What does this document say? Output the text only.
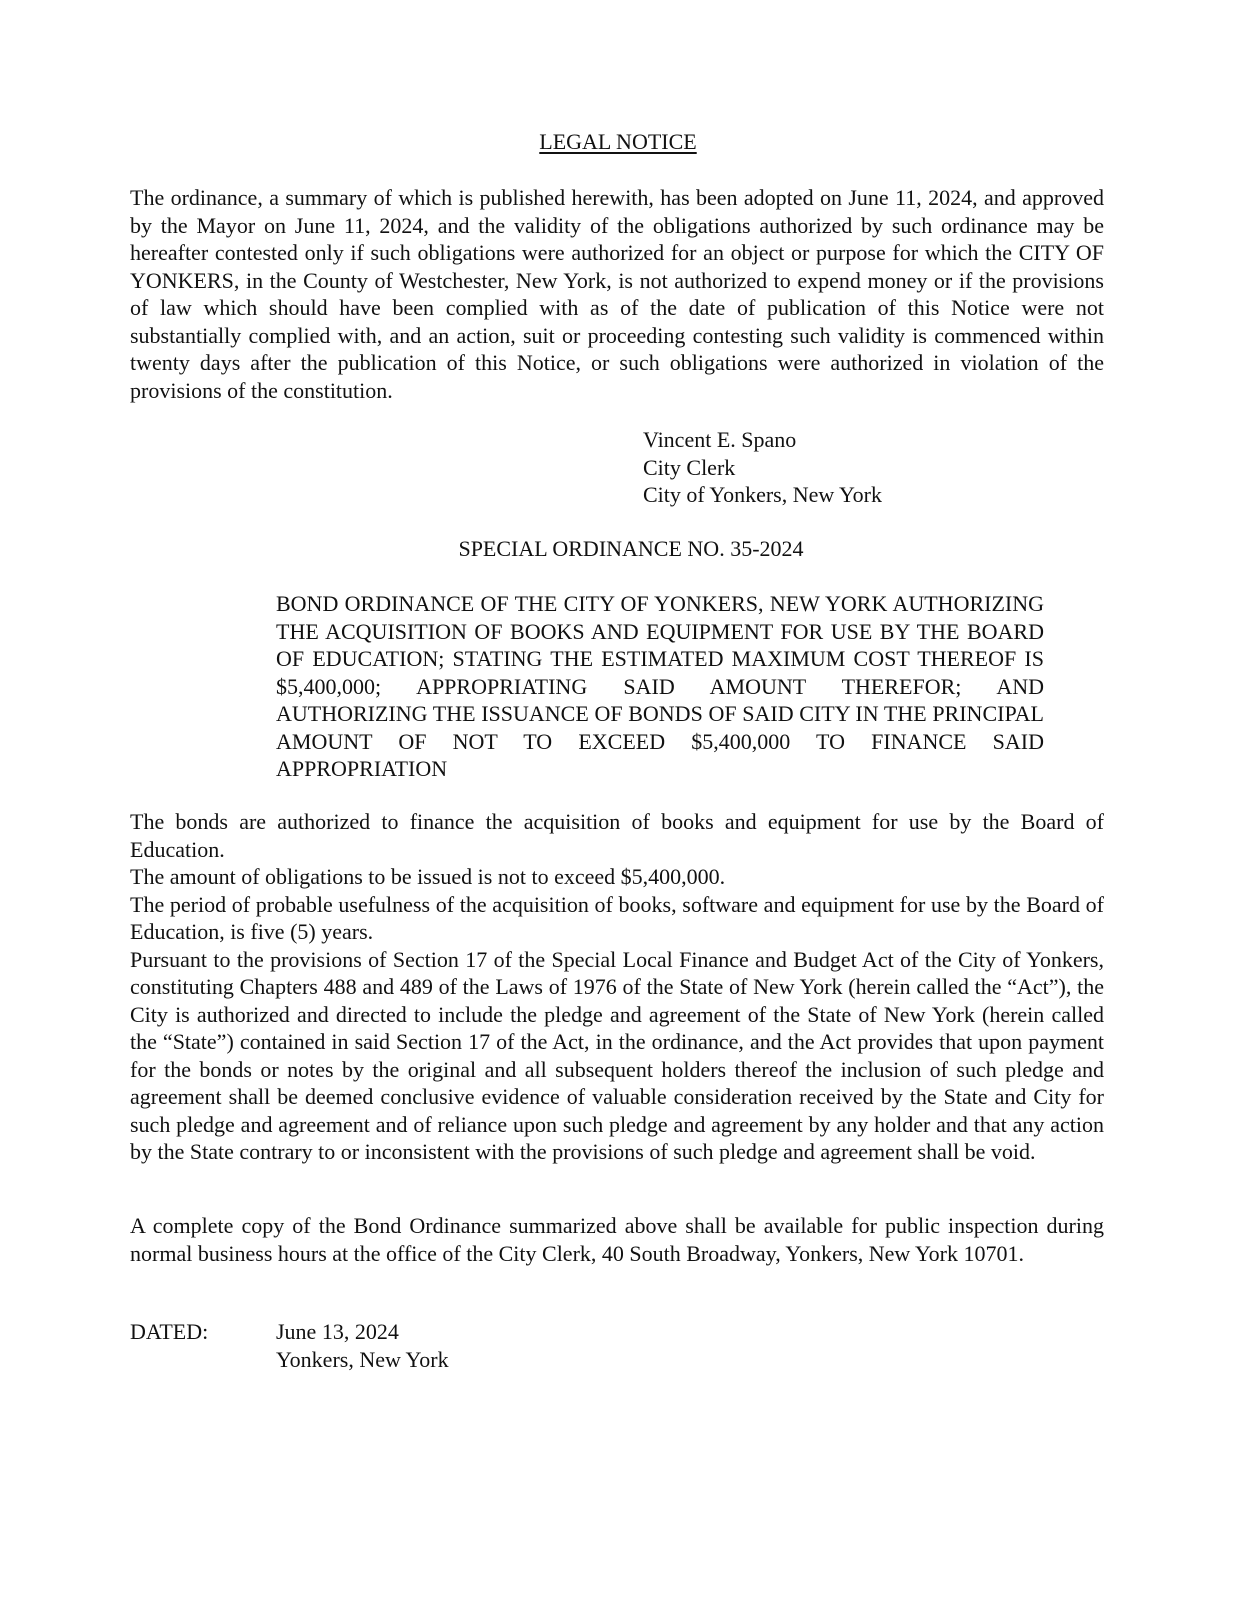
LEGAL NOTICE

The ordinance, a summary of which is published herewith, has been adopted on June 11, 2024, and approved by the Mayor on June 11, 2024, and the validity of the obligations authorized by such ordinance may be hereafter contested only if such obligations were authorized for an object or purpose for which the CITY OF YONKERS, in the County of Westchester, New York, is not authorized to expend money or if the provisions of law which should have been complied with as of the date of publication of this Notice were not substantially complied with, and an action, suit or proceeding contesting such validity is commenced within twenty days after the publication of this Notice, or such obligations were authorized in violation of the provisions of the constitution.

Vincent E. Spano
City Clerk
City of Yonkers, New York
SPECIAL ORDINANCE NO. 35-2024

BOND ORDINANCE OF THE CITY OF YONKERS, NEW YORK AUTHORIZING THE ACQUISITION OF BOOKS AND EQUIPMENT FOR USE BY THE BOARD OF EDUCATION; STATING THE ESTIMATED MAXIMUM COST THEREOF IS $5,400,000; APPROPRIATING SAID AMOUNT THEREFOR; AND AUTHORIZING THE ISSUANCE OF BONDS OF SAID CITY IN THE PRINCIPAL AMOUNT OF NOT TO EXCEED $5,400,000 TO FINANCE SAID APPROPRIATION

The bonds are authorized to finance the acquisition of books and equipment for use by the Board of Education.

The amount of obligations to be issued is not to exceed $5,400,000.

The period of probable usefulness of the acquisition of books, software and equipment for use by the Board of Education, is five (5) years.

Pursuant to the provisions of Section 17 of the Special Local Finance and Budget Act of the City of Yonkers, constituting Chapters 488 and 489 of the Laws of 1976 of the State of New York (herein called the “Act”), the City is authorized and directed to include the pledge and agreement of the State of New York (herein called the “State”) contained in said Section 17 of the Act, in the ordinance, and the Act provides that upon payment for the bonds or notes by the original and all subsequent holders thereof the inclusion of such pledge and agreement shall be deemed conclusive evidence of valuable consideration received by the State and City for such pledge and agreement and of reliance upon such pledge and agreement by any holder and that any action by the State contrary to or inconsistent with the provisions of such pledge and agreement shall be void.

A complete copy of the Bond Ordinance summarized above shall be available for public inspection during normal business hours at the office of the City Clerk, 40 South Broadway, Yonkers, New York 10701.

DATED:	June 13, 2024
Yonkers, New York
